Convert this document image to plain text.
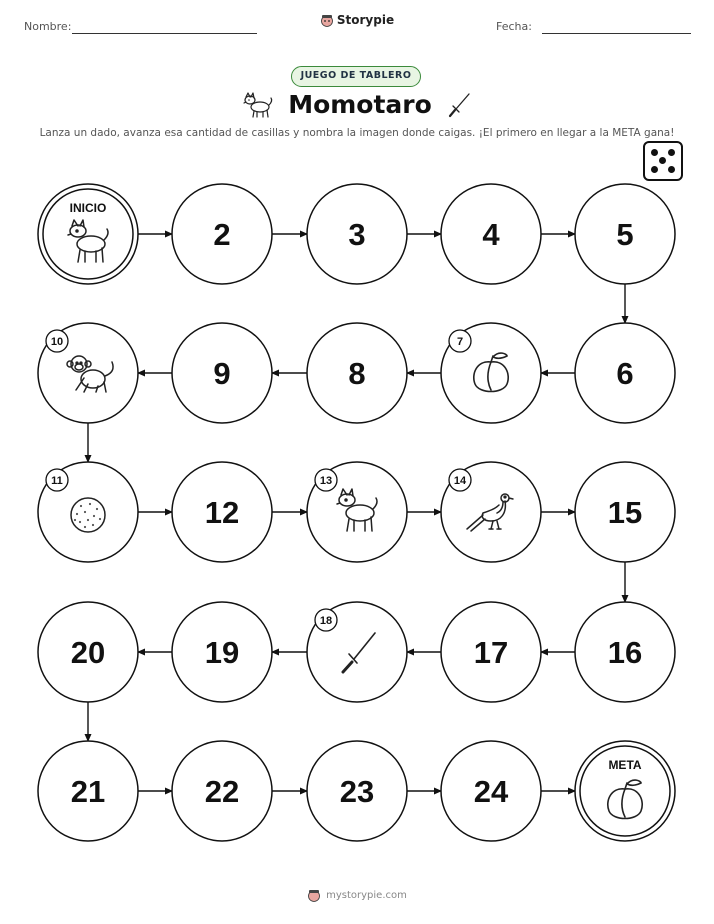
Nombre:	Fecha:
Storypie
JUEGO DE TABLERO
Momotaro
Lanza un dado, avanza esa cantidad de casillas y nombra la imagen donde caigas. ¡El primero en llegar a la META gana!
INICIO
2	3	4	5
6
7
8
9
10
11
12
13	14
15
16
17
18
19
20
21	22	23	24
META
mystorypie.com
